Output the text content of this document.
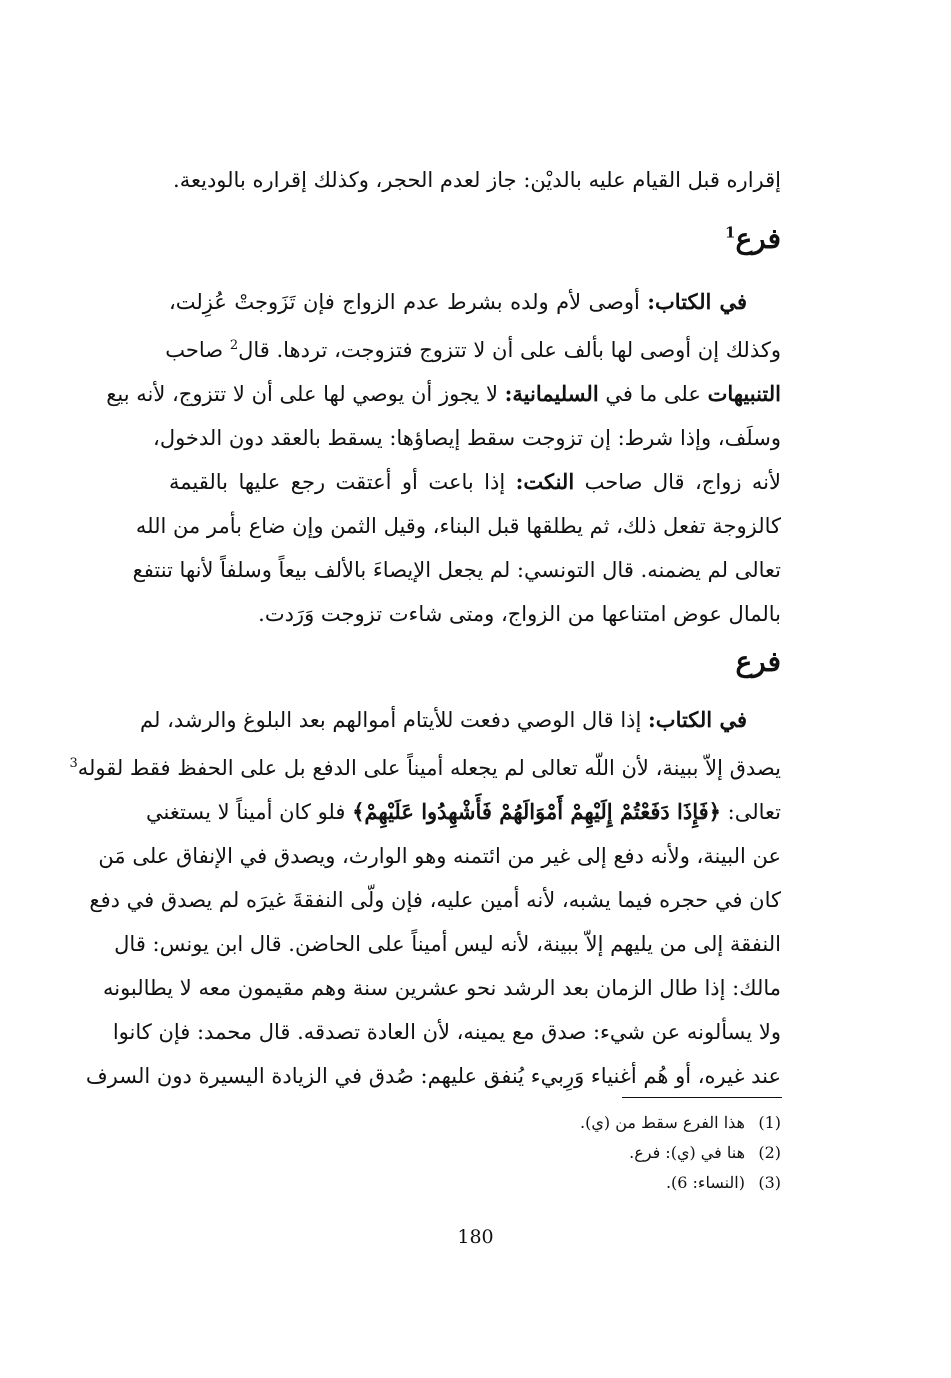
إقراره قبل القيام عليه بالديْن: جاز لعدم الحجر، وكذلك إقراره بالوديعة.
فرع$^1$
في الكتاب: أوصى لأم ولده بشرط عدم الزواج فإن تَزَوجتْ عُزِلت،
وكذلك إن أوصى لها بألف على أن لا تتزوج فتزوجت، تردها. قال$^2$ صاحب
التنبيهات على ما في السليمانية: لا يجوز أن يوصي لها على أن لا تتزوج، لأنه بيع
وسلَف، وإذا شرط: إن تزوجت سقط إيصاؤها: يسقط بالعقد دون الدخول،
لأنه زواج، قال صاحب النكت: إذا باعت أو أعتقت رجع عليها بالقيمة
كالزوجة تفعل ذلك، ثم يطلقها قبل البناء، وقيل الثمن وإن ضاع بأمر من الله
تعالى لم يضمنه. قال التونسي: لم يجعل الإيصاءَ بالألف بيعاً وسلفاً لأنها تنتفع
بالمال عوض امتناعها من الزواج، ومتى شاءت تزوجت وَرَدت.
فرع
في الكتاب: إذا قال الوصي دفعت للأيتام أموالهم بعد البلوغ والرشد، لم
يصدق إلاّ ببينة، لأن اللّه تعالى لم يجعله أميناً على الدفع بل على الحفظ فقط لقوله$^3$
تعالى: ﴿فَإِذَا دَفَعْتُمْ إِلَيْهِمْ أَمْوَالَهُمْ فَأَشْهِدُوا عَلَيْهِمْ﴾ فلو كان أميناً لا يستغني
عن البينة، ولأنه دفع إلى غير من ائتمنه وهو الوارث، ويصدق في الإنفاق على مَن
كان في حجره فيما يشبه، لأنه أمين عليه، فإن ولّى النفقةَ غيرَه لم يصدق في دفع
النفقة إلى من يليهم إلاّ ببينة، لأنه ليس أميناً على الحاضن. قال ابن يونس: قال
مالك: إذا طال الزمان بعد الرشد نحو عشرين سنة وهم مقيمون معه لا يطالبونه
ولا يسألونه عن شيء: صدق مع يمينه، لأن العادة تصدقه. قال محمد: فإن كانوا
عند غيره، أو هُم أغنياء وَرِبيء يُنفق عليهم: صُدق في الزيادة اليسيرة دون السرف
(1)هذا الفرع سقط من (ي).
(2)هنا في (ي): فرع.
(3)(النساء: 6).
180
